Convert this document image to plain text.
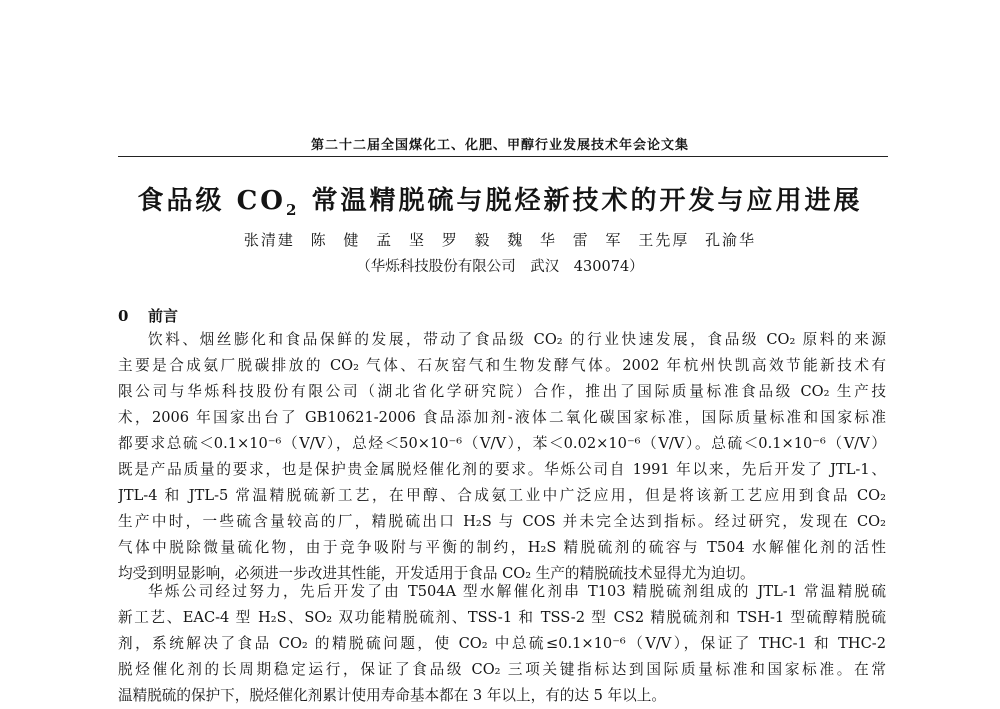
第二十二届全国煤化工、化肥、甲醇行业发展技术年会论文集
食品级 $CO_2$ 常温精脱硫与脱烃新技术的开发与应用进展
张清建 陈 健 孟 坚 罗 毅 魏 华 雷 军 王先厚 孔渝华
（华烁科技股份有限公司　武汉　430074）
0 前言
饮料、烟丝膨化和食品保鲜的发展，带动了食品级 CO₂ 的行业快速发展，食品级 CO₂ 原料的来源
主要是合成氨厂脱碳排放的 CO₂ 气体、石灰窑气和生物发酵气体。2002 年杭州快凯高效节能新技术有
限公司与华烁科技股份有限公司（湖北省化学研究院）合作，推出了国际质量标准食品级 CO₂ 生产技
术，2006 年国家出台了 GB10621-2006 食品添加剂-液体二氧化碳国家标准，国际质量标准和国家标准
都要求总硫＜0.1×10⁻⁶（V/V），总烃＜50×10⁻⁶（V/V），苯＜0.02×10⁻⁶（V/V）。总硫＜0.1×10⁻⁶（V/V）
既是产品质量的要求，也是保护贵金属脱烃催化剂的要求。华烁公司自 1991 年以来，先后开发了 JTL-1、
JTL-4 和 JTL-5 常温精脱硫新工艺，在甲醇、合成氨工业中广泛应用，但是将该新工艺应用到食品 CO₂
生产中时，一些硫含量较高的厂，精脱硫出口 H₂S 与 COS 并未完全达到指标。经过研究，发现在 CO₂
气体中脱除微量硫化物，由于竞争吸附与平衡的制约，H₂S 精脱硫剂的硫容与 T504 水解催化剂的活性
均受到明显影响，必须进一步改进其性能，开发适用于食品 CO₂ 生产的精脱硫技术显得尤为迫切。
华烁公司经过努力，先后开发了由 T504A 型水解催化剂串 T103 精脱硫剂组成的 JTL-1 常温精脱硫
新工艺、EAC-4 型 H₂S、SO₂ 双功能精脱硫剂、TSS-1 和 TSS-2 型 CS2 精脱硫剂和 TSH-1 型硫醇精脱硫
剂，系统解决了食品 CO₂ 的精脱硫问题，使 CO₂ 中总硫≤0.1×10⁻⁶（V/V），保证了 THC-1 和 THC-2
脱烃催化剂的长周期稳定运行，保证了食品级 CO₂ 三项关键指标达到国际质量标准和国家标准。在常
温精脱硫的保护下，脱烃催化剂累计使用寿命基本都在 3 年以上，有的达 5 年以上。
